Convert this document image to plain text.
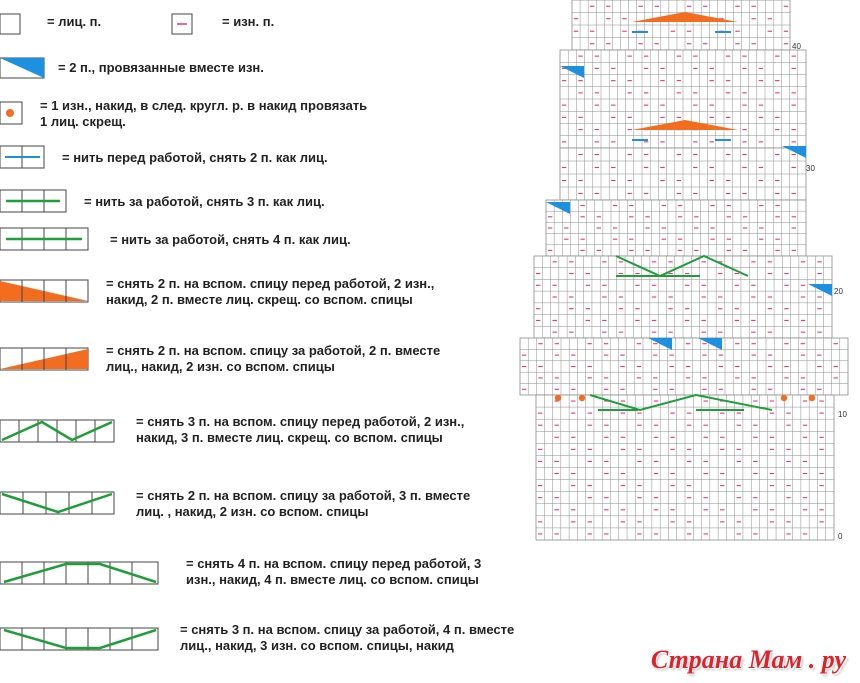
= лиц. п.	= изн. п.
= 2 п., провязанные вместе изн.
= 1 изн., накид, в след. кругл. р. в накид провязать 1 лиц. скрещ.
= нить перед работой, снять 2 п. как лиц.
= нить за работой, снять 3 п. как лиц.
= нить за работой, снять 4 п. как лиц.
= снять 2 п. на вспом. спицу перед работой, 2 изн., накид, 2 п. вместе лиц. скрещ. со вспом. спицы
= снять 2 п. на вспом. спицу за работой, 2 п. вместе лиц., накид, 2 изн. со вспом. спицы
= снять 3 п. на вспом. спицу перед работой, 2 изн., накид, 3 п. вместе лиц. скрещ. со вспом. спицы
= снять 2 п. на вспом. спицу за работой, 3 п. вместе лиц. , накид, 2 изн. со вспом. спицы
= снять 4 п. на вспом. спицу перед работой, 3 изн., накид, 4 п. вместе лиц. со вспом. спицы
= снять 3 п. на вспом. спицу за работой, 4 п. вместе лиц., накид, 3 изн. со вспом. спицы, накид
0
10
20
30
40
Страна Мам . ру
